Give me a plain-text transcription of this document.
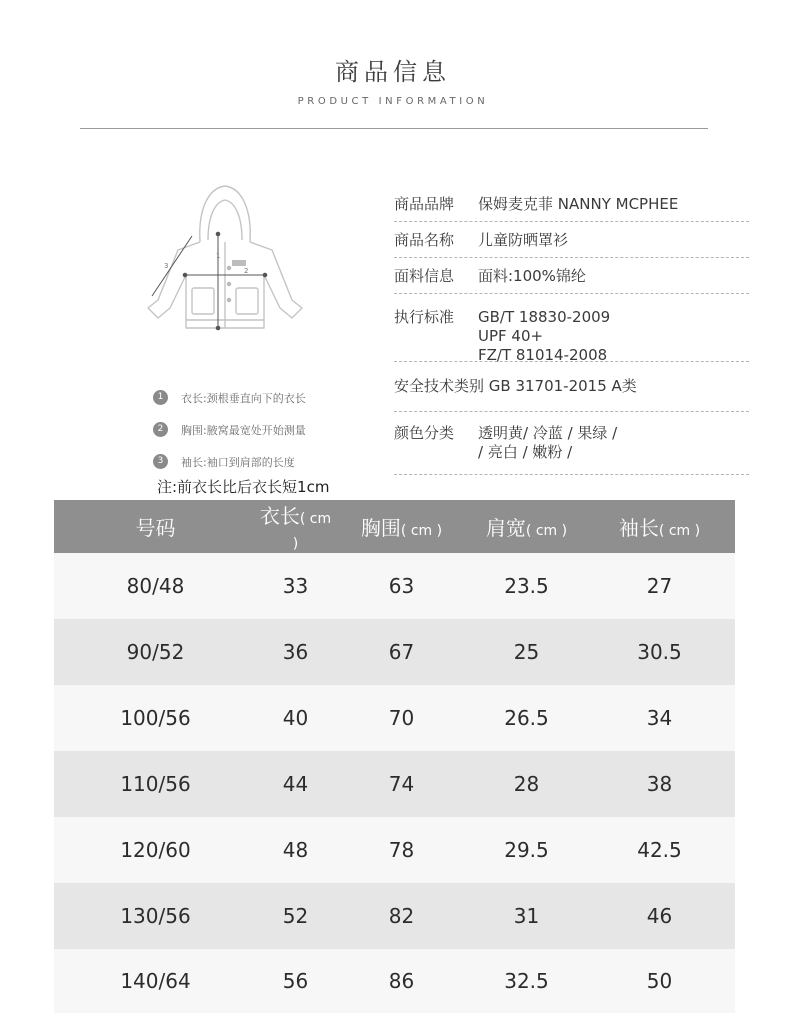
商品信息
PRODUCT INFORMATION
1
2
3
1	衣长:颈根垂直向下的衣长
2	胸围:腋窝最宽处开始测量
3	袖长:袖口到肩部的长度
注:前衣长比后衣长短1cm
商品品牌 保姆麦克菲 NANNY MCPHEE
商品名称 儿童防晒罩衫
面料信息 面料:100%锦纶
执行标准 GB/T 18830-2009
UPF 40+
FZ/T 81014-2008
安全技术类别 GB 31701-2015 A类
颜色分类 透明黄/ 冷蓝 / 果绿 /
/ 亮白 / 嫩粉 /
号码	衣长( cm )	胸围( cm )	肩宽( cm )	袖长( cm )
80/48	33	63	23.5	27
90/52	36	67	25	30.5
100/56	40	70	26.5	34
110/56	44	74	28	38
120/60	48	78	29.5	42.5
130/56	52	82	31	46
140/64	56	86	32.5	50
